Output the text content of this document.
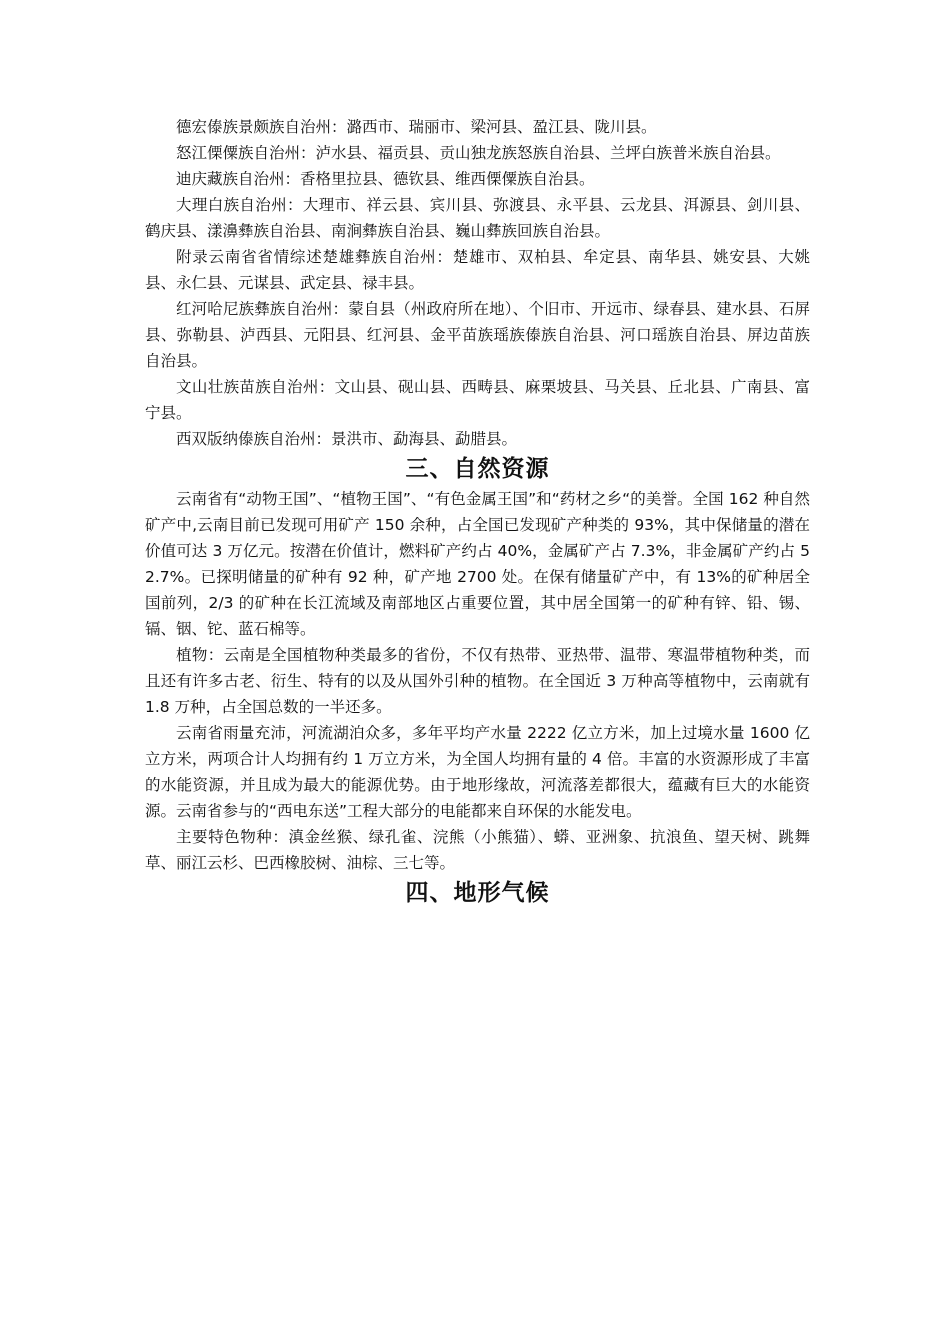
德宏傣族景颇族自治州：潞西市、瑞丽市、梁河县、盈江县、陇川县。

怒江傈僳族自治州：泸水县、福贡县、贡山独龙族怒族自治县、兰坪白族普米族自治县。

迪庆藏族自治州：香格里拉县、德钦县、维西傈僳族自治县。

大理白族自治州：大理市、祥云县、宾川县、弥渡县、永平县、云龙县、洱源县、剑川县、鹤庆县、漾濞彝族自治县、南涧彝族自治县、巍山彝族回族自治县。

附录云南省省情综述楚雄彝族自治州：楚雄市、双柏县、牟定县、南华县、姚安县、大姚县、永仁县、元谋县、武定县、禄丰县。

红河哈尼族彝族自治州：蒙自县（州政府所在地）、个旧市、开远市、绿春县、建水县、石屏县、弥勒县、泸西县、元阳县、红河县、金平苗族瑶族傣族自治县、河口瑶族自治县、屏边苗族自治县。

文山壮族苗族自治州：文山县、砚山县、西畴县、麻栗坡县、马关县、丘北县、广南县、富宁县。

西双版纳傣族自治州：景洪市、勐海县、勐腊县。

三、自然资源

云南省有“动物王国”、“植物王国”、“有色金属王国”和“药材之乡“的美誉。全国 162 种自然矿产中,云南目前已发现可用矿产 150 余种，占全国已发现矿产种类的 93%，其中保储量的潜在价值可达 3 万亿元。按潜在价值计，燃料矿产约占 40%，金属矿产占 7.3%，非金属矿产约占 52.7%。已探明储量的矿种有 92 种，矿产地 2700 处。在保有储量矿产中，有 13%的矿种居全国前列，2/3 的矿种在长江流域及南部地区占重要位置，其中居全国第一的矿种有锌、铅、锡、镉、铟、铊、蓝石棉等。

植物：云南是全国植物种类最多的省份，不仅有热带、亚热带、温带、寒温带植物种类，而且还有许多古老、衍生、特有的以及从国外引种的植物。在全国近 3 万种高等植物中，云南就有 1.8 万种，占全国总数的一半还多。

云南省雨量充沛，河流湖泊众多，多年平均产水量 2222 亿立方米，加上过境水量 1600 亿立方米，两项合计人均拥有约 1 万立方米，为全国人均拥有量的 4 倍。丰富的水资源形成了丰富的水能资源，并且成为最大的能源优势。由于地形缘故，河流落差都很大，蕴藏有巨大的水能资源。云南省参与的“西电东送”工程大部分的电能都来自环保的水能发电。

主要特色物种：滇金丝猴、绿孔雀、浣熊（小熊猫）、蟒、亚洲象、抗浪鱼、望天树、跳舞草、丽江云杉、巴西橡胶树、油棕、三七等。

四、地形气候
